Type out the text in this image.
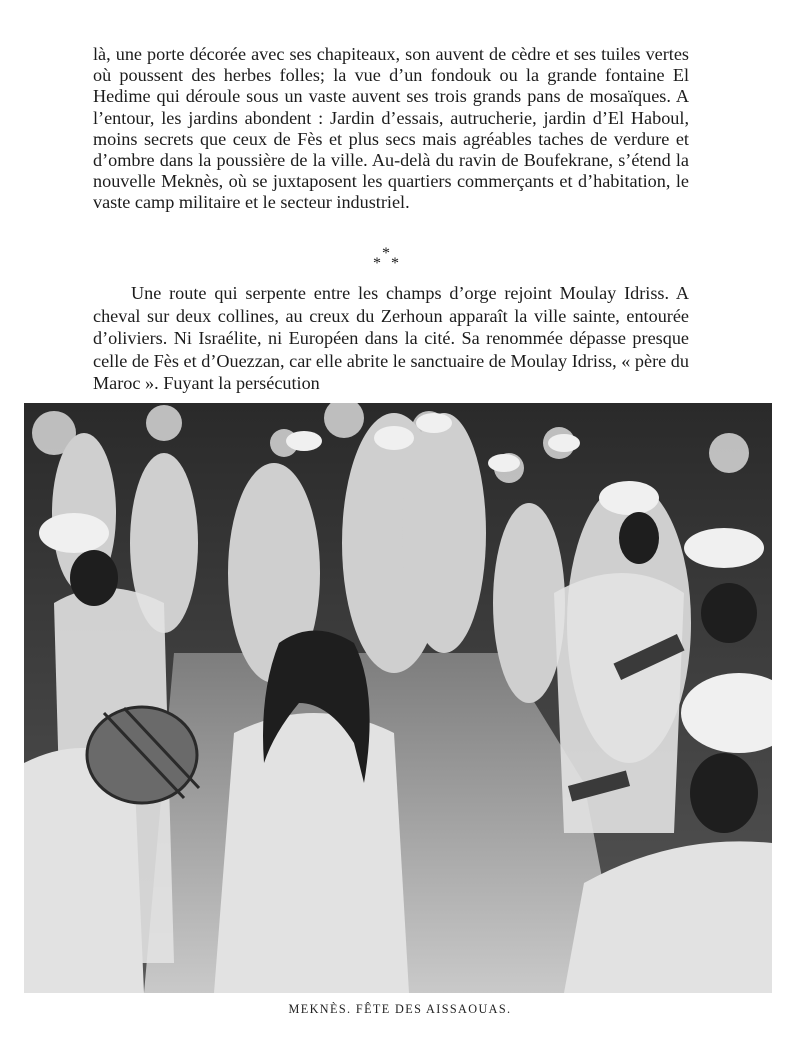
là, une porte décorée avec ses chapiteaux, son auvent de cèdre et ses tuiles vertes où poussent des herbes folles; la vue d’un fondouk ou la grande fontaine El Hedime qui déroule sous un vaste auvent ses trois grands pans de mosaïques. A l’entour, les jardins abondent : Jardin d’essais, autrucherie, jardin d’El Haboul, moins secrets que ceux de Fès et plus secs mais agréables taches de verdure et d’ombre dans la poussière de la ville. Au-delà du ravin de Boufekrane, s’étend la nouvelle Meknès, où se juxtaposent les quartiers commerçants et d’habitation, le vaste camp militaire et le secteur industriel.

*
* *

Une route qui serpente entre les champs d’orge rejoint Moulay Idriss. A cheval sur deux collines, au creux du Zerhoun apparaît la ville sainte, entourée d’oliviers. Ni Israélite, ni Européen dans la cité. Sa renommée dépasse presque celle de Fès et d’Ouezzan, car elle abrite le sanctuaire de Moulay Idriss, « père du Maroc ». Fuyant la persécution

MEKNÈS. FÊTE DES AISSAOUAS.
